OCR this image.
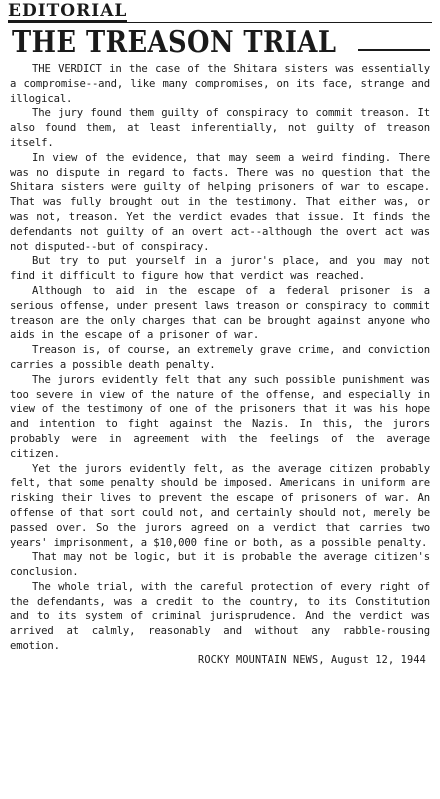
EDITORIAL
THE TREASON TRIAL

THE VERDICT in the case of the Shitara sisters was essentially a compromise--and, like many compromises, on its face, strange and illogical.

The jury found them guilty of conspiracy to commit treason. It also found them, at least inferentially, not guilty of treason itself.

In view of the evidence, that may seem a weird finding. There was no dispute in regard to facts. There was no question that the Shitara sisters were guilty of helping prisoners of war to escape. That was fully brought out in the testimony. That either was, or was not, treason. Yet the verdict evades that issue. It finds the defendants not guilty of an overt act--although the overt act was not disputed--but of conspiracy.

But try to put yourself in a juror's place, and you may not find it difficult to figure how that verdict was reached.

Although to aid in the escape of a federal prisoner is a serious offense, under present laws treason or conspiracy to commit treason are the only charges that can be brought against anyone who aids in the escape of a prisoner of war.

Treason is, of course, an extremely grave crime, and conviction carries a possible death penalty.

The jurors evidently felt that any such possible punishment was too severe in view of the nature of the offense, and especially in view of the testimony of one of the prisoners that it was his hope and intention to fight against the Nazis. In this, the jurors probably were in agreement with the feelings of the average citizen.

Yet the jurors evidently felt, as the average citizen probably felt, that some penalty should be imposed. Americans in uniform are risking their lives to prevent the escape of prisoners of war. An offense of that sort could not, and certainly should not, merely be passed over. So the jurors agreed on a verdict that carries two years' imprisonment, a $10,000 fine or both, as a possible penalty.

That may not be logic, but it is probable the average citizen's conclusion.

The whole trial, with the careful protection of every right of the defendants, was a credit to the country, to its Constitution and to its system of criminal jurisprudence. And the verdict was arrived at calmly, reasonably and without any rabble-rousing emotion.

ROCKY MOUNTAIN NEWS, August 12, 1944
